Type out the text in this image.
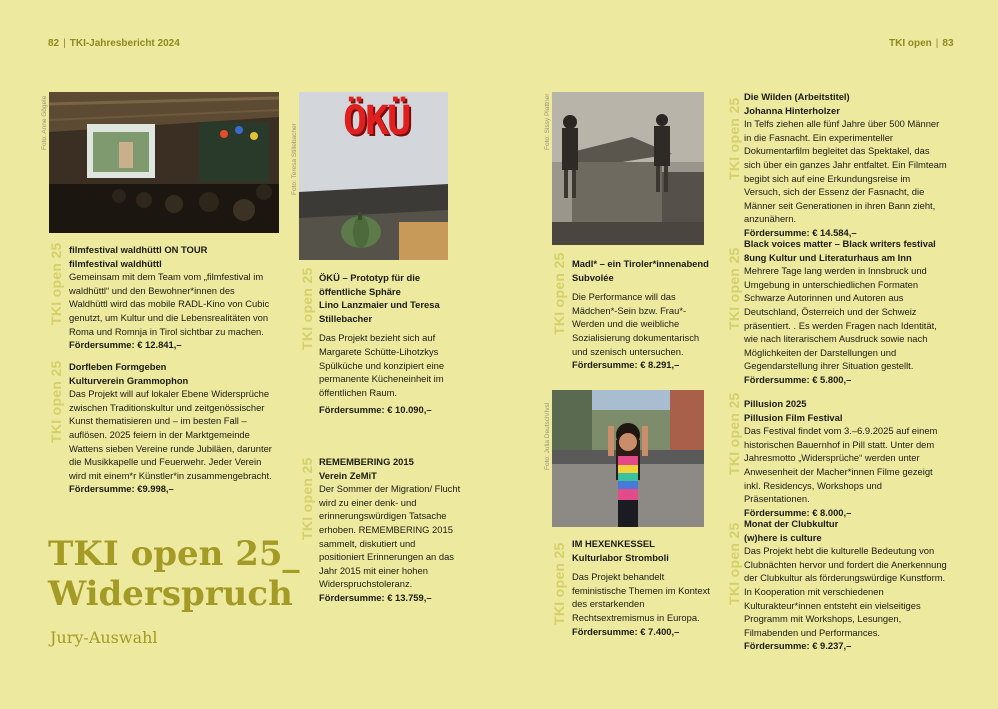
82 | TKI-Jahresbericht 2024	TKI open | 83
Foto: Anne Gögele	ÖKÜ
Foto: Teresa Stillebacher
Foto: Sissy Plattner
Foto: Julia Deutsch/Ivsl
TKI open 25
TKI open 25
TKI open 25
TKI open 25
TKI open 25
TKI open 25
TKI open 25
TKI open 25
TKI open 25
TKI open 25
filmfestival waldhüttl ON TOUR
filmfestival waldhüttl
Gemeinsam mit dem Team vom „filmfestival im waldhüttl“ und den Bewohner*innen des Waldhüttl wird das mobile RADL-Kino von Cubic genutzt, um Kultur und die Lebensrealitäten von Roma und Romnja in Tirol sichtbar zu machen.
Fördersumme: € 12.841,–
Dorfleben Formgeben
Kulturverein Grammophon
Das Projekt will auf lokaler Ebene Widersprüche zwischen Traditionskultur und zeitgenössischer Kunst thematisieren und – im besten Fall – auflösen. 2025 feiern in der Marktgemeinde Wattens sieben Vereine runde Jubiläen, darunter die Musikkapelle und Feuerwehr. Jeder Verein wird mit einem*r Künstler*in zusammengebracht.
Fördersumme: €9.998,–
ÖKÜ – Prototyp für die öffentliche Sphäre
Lino Lanzmaier und Teresa Stillebacher
Das Projekt bezieht sich auf Margarete Schütte-Lihotzkys Spülküche und konzipiert eine permanente Kücheneinheit im öffentlichen Raum.
Fördersumme: € 10.090,–
REMEMBERING 2015
Verein ZeMiT
Der Sommer der Migration/ Flucht wird zu einer denk- und erinnerungswürdigen Tatsache erhoben. REMEMBERING 2015 sammelt, diskutiert und positioniert Erinnerungen an das Jahr 2015 mit einer hohen Widerspruchstoleranz.
Fördersumme: € 13.759,–
Madl* – ein Tiroler*innenabend
Subvolée
Die Performance will das Mädchen*-Sein bzw. Frau*-Werden und die weibliche Sozialisierung dokumentarisch und szenisch untersuchen.
Fördersumme: € 8.291,–
IM HEXENKESSEL
Kulturlabor Stromboli
Das Projekt behandelt feministische Themen im Kontext des erstarkenden Rechtsextremismus in Europa.
Fördersumme: € 7.400,–
Die Wilden (Arbeitstitel)
Johanna Hinterholzer
In Telfs ziehen alle fünf Jahre über 500 Männer in die Fasnacht. Ein experimenteller Dokumentarfilm begleitet das Spektakel, das sich über ein ganzes Jahr entfaltet. Ein Filmteam begibt sich auf eine Erkundungsreise im Versuch, sich der Essenz der Fasnacht, die Männer seit Generationen in ihren Bann zieht, anzunähern.
Fördersumme: € 14.584,–
Black voices matter – Black writers festival
8ung Kultur und Literaturhaus am Inn
Mehrere Tage lang werden in Innsbruck und Umgebung in unterschiedlichen Formaten Schwarze Autorinnen und Autoren aus Deutschland, Österreich und der Schweiz präsentiert. . Es werden Fragen nach Identität, wie nach literarischem Ausdruck sowie nach Möglichkeiten der Darstellungen und Gegendarstellung ihrer Situation gestellt.
Fördersumme: € 5.800,–
Pillusion 2025
Pillusion Film Festival
Das Festival findet vom 3.–6.9.2025 auf einem historischen Bauernhof in Pill statt. Unter dem Jahresmotto „Widersprüche“ werden unter Anwesenheit der Macher*innen Filme gezeigt inkl. Residencys, Workshops und Präsentationen.
Fördersumme: € 8.000,–
Monat der Clubkultur
(w)here is culture
Das Projekt hebt die kulturelle Bedeutung von Clubnächten hervor und fordert die Anerkennung der Clubkultur als förderungswürdige Kunstform. In Kooperation mit verschiedenen Kulturakteur*innen entsteht ein vielseitiges Programm mit Workshops, Lesungen, Filmabenden und Performances.
Fördersumme: € 9.237,–
TKI open 25_
Widerspruch
Jury-Auswahl
